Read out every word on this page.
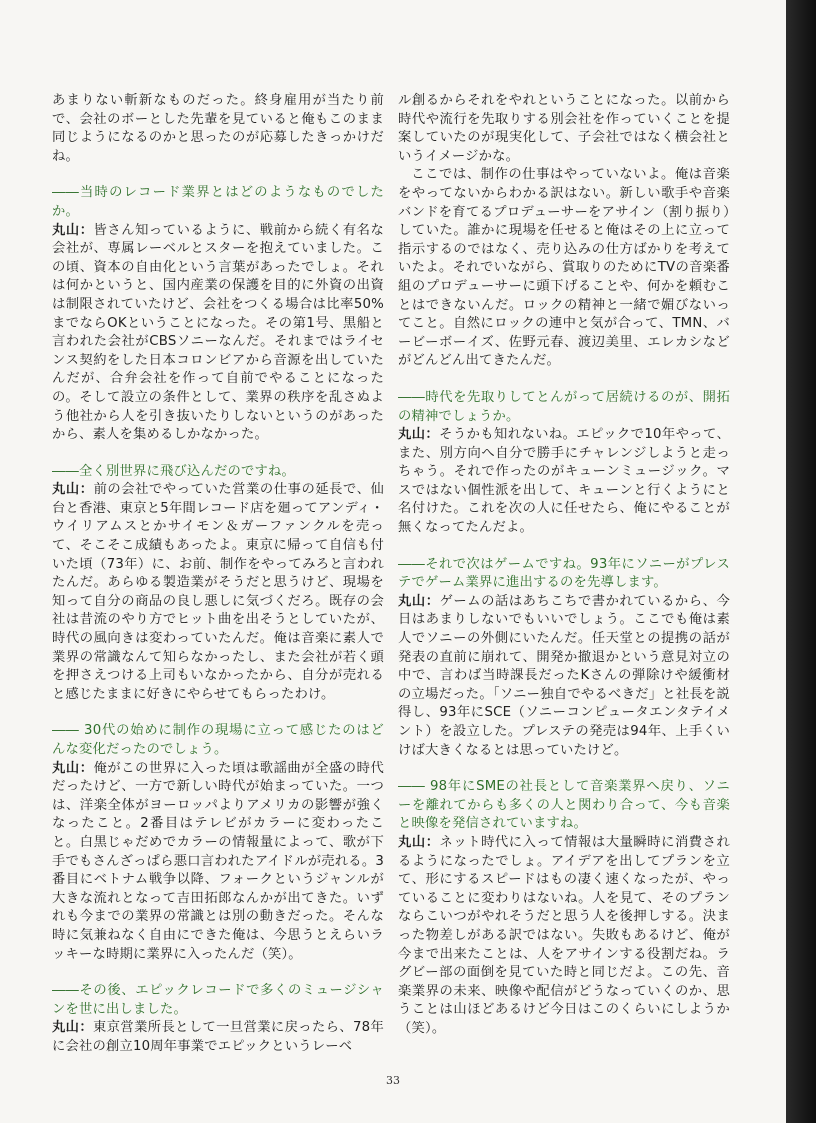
あまりない斬新なものだった。終身雇用が当たり前で、会社のボーとした先輩を見ていると俺もこのまま同じようになるのかと思ったのが応募したきっかけだね。

――当時のレコード業界とはどのようなものでしたか。

丸山：皆さん知っているように、戦前から続く有名な会社が、専属レーベルとスターを抱えていました。この頃、資本の自由化という言葉があったでしょ。それは何かというと、国内産業の保護を目的に外資の出資は制限されていたけど、会社をつくる場合は比率50%までならOKということになった。その第1号、黒船と言われた会社がCBSソニーなんだ。それまではライセンス契約をした日本コロンビアから音源を出していたんだが、合弁会社を作って自前でやることになったの。そして設立の条件として、業界の秩序を乱さぬよう他社から人を引き抜いたりしないというのがあったから、素人を集めるしかなかった。

――全く別世界に飛び込んだのですね。

丸山：前の会社でやっていた営業の仕事の延長で、仙台と香港、東京と5年間レコード店を廻ってアンディ・ウイリアムスとかサイモン＆ガーファンクルを売って、そこそこ成績もあったよ。東京に帰って自信も付いた頃（73年）に、お前、制作をやってみろと言われたんだ。あらゆる製造業がそうだと思うけど、現場を知って自分の商品の良し悪しに気づくだろ。既存の会社は昔流のやり方でヒット曲を出そうとしていたが、時代の風向きは変わっていたんだ。俺は音楽に素人で業界の常識なんて知らなかったし、また会社が若く頭を押さえつける上司もいなかったから、自分が売れると感じたままに好きにやらせてもらったわけ。

―― 30代の始めに制作の現場に立って感じたのはどんな変化だったのでしょう。

丸山：俺がこの世界に入った頃は歌謡曲が全盛の時代だったけど、一方で新しい時代が始まっていた。一つは、洋楽全体がヨーロッパよりアメリカの影響が強くなったこと。2番目はテレビがカラーに変わったこと。白黒じゃだめでカラーの情報量によって、歌が下手でもさんざっぱら悪口言われたアイドルが売れる。3番目にベトナム戦争以降、フォークというジャンルが大きな流れとなって吉田拓郎なんかが出てきた。いずれも今までの業界の常識とは別の動きだった。そんな時に気兼ねなく自由にできた俺は、今思うとえらいラッキーな時期に業界に入ったんだ（笑）。

――その後、エピックレコードで多くのミュージシャンを世に出しました。

丸山：東京営業所長として一旦営業に戻ったら、78年に会社の創立10周年事業でエピックというレーベ

ル創るからそれをやれということになった。以前から時代や流行を先取りする別会社を作っていくことを提案していたのが現実化して、子会社ではなく横会社というイメージかな。

ここでは、制作の仕事はやっていないよ。俺は音楽をやってないからわかる訳はない。新しい歌手や音楽バンドを育てるプロデューサーをアサイン（割り振り）していた。誰かに現場を任せると俺はその上に立って指示するのではなく、売り込みの仕方ばかりを考えていたよ。それでいながら、賞取りのためにTVの音楽番組のプロデューサーに頭下げることや、何かを頼むことはできないんだ。ロックの精神と一緒で媚びないってこと。自然にロックの連中と気が合って、TMN、バービーボーイズ、佐野元春、渡辺美里、エレカシなどがどんどん出てきたんだ。

――時代を先取りしてとんがって居続けるのが、開拓の精神でしょうか。

丸山：そうかも知れないね。エピックで10年やって、また、別方向へ自分で勝手にチャレンジしようと走っちゃう。それで作ったのがキューンミュージック。マスではない個性派を出して、キューンと行くようにと名付けた。これを次の人に任せたら、俺にやることが無くなってたんだよ。

――それで次はゲームですね。93年にソニーがプレステでゲーム業界に進出するのを先導します。

丸山：ゲームの話はあちこちで書かれているから、今日はあまりしないでもいいでしょう。ここでも俺は素人でソニーの外側にいたんだ。任天堂との提携の話が発表の直前に崩れて、開発か撤退かという意見対立の中で、言わば当時課長だったKさんの弾除けや緩衝材の立場だった。「ソニー独自でやるべきだ」と社長を説得し、93年にSCE（ソニーコンピュータエンタテイメント）を設立した。プレステの発売は94年、上手くいけば大きくなるとは思っていたけど。

―― 98年にSMEの社長として音楽業界へ戻り、ソニーを離れてからも多くの人と関わり合って、今も音楽と映像を発信されていますね。

丸山：ネット時代に入って情報は大量瞬時に消費されるようになったでしょ。アイデアを出してプランを立て、形にするスピードはもの凄く速くなったが、やっていることに変わりはないね。人を見て、そのプランならこいつがやれそうだと思う人を後押しする。決まった物差しがある訳ではない。失敗もあるけど、俺が今まで出来たことは、人をアサインする役割だね。ラグビー部の面倒を見ていた時と同じだよ。この先、音楽業界の未来、映像や配信がどうなっていくのか、思うことは山ほどあるけど今日はこのくらいにしようか（笑）。

33
